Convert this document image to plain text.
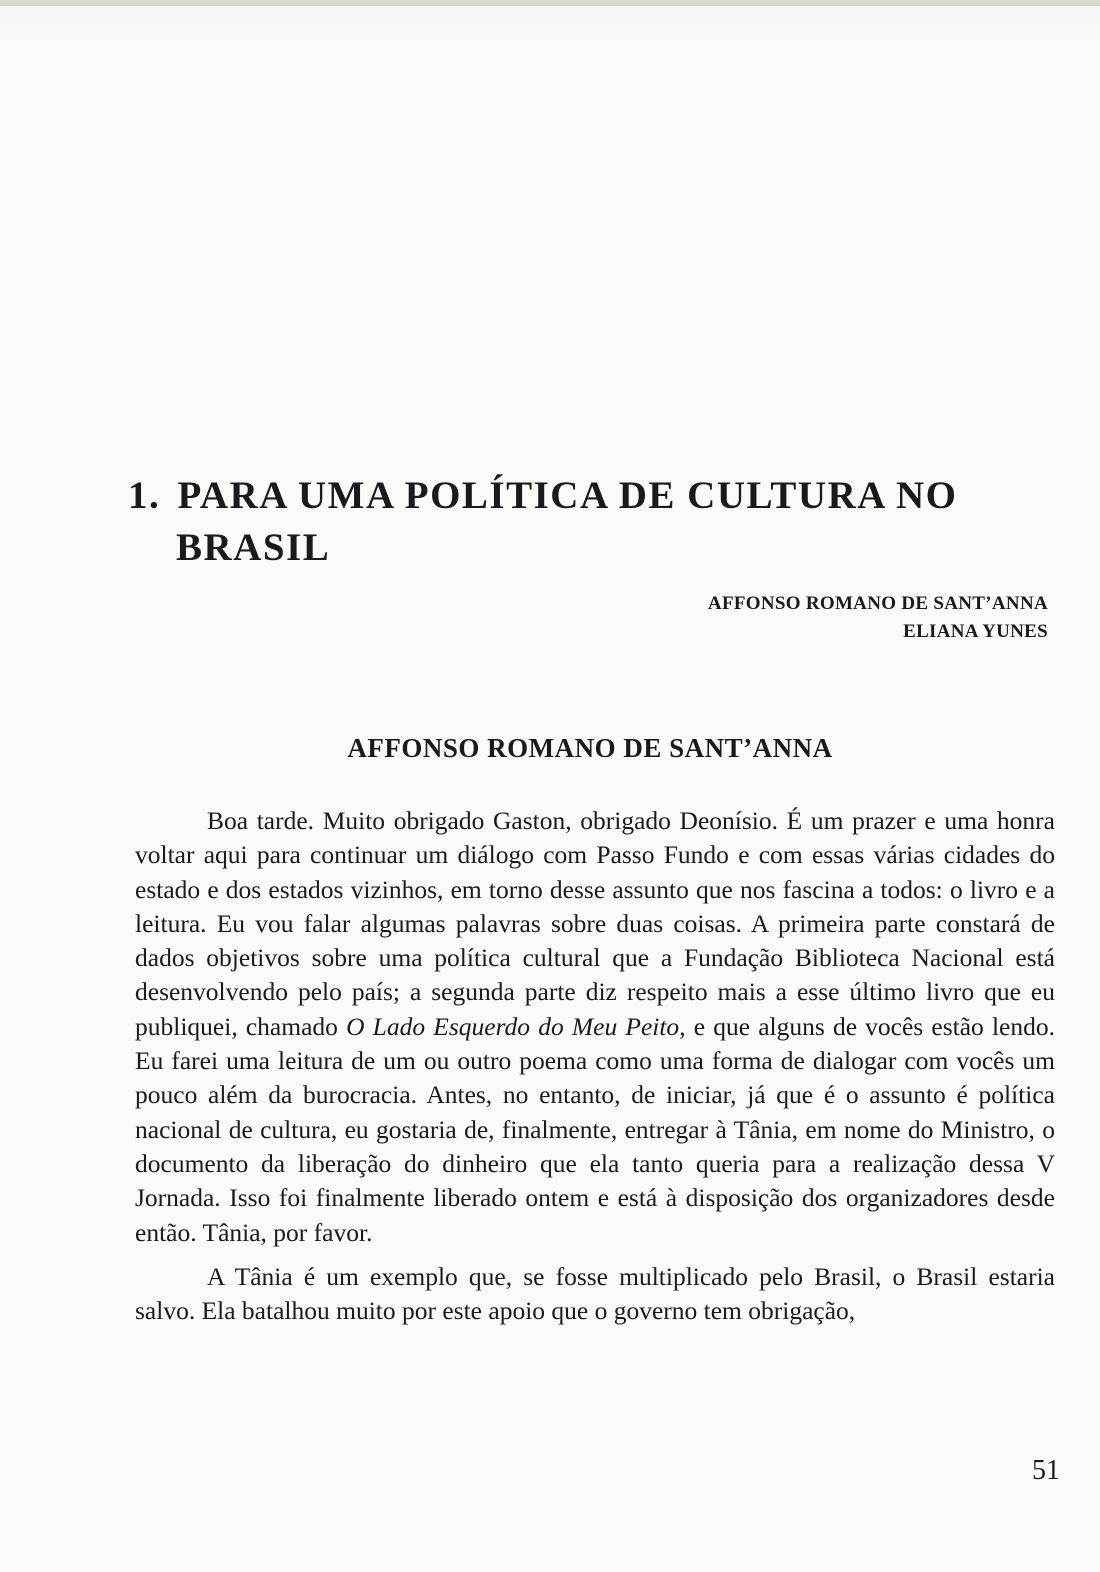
1. PARA UMA POLÍTICA DE CULTURA NO
BRASIL
AFFONSO ROMANO DE SANT’ANNA
ELIANA YUNES
AFFONSO ROMANO DE SANT’ANNA

Boa tarde. Muito obrigado Gaston, obrigado Deonísio. É um prazer e uma honra voltar aqui para continuar um diálogo com Passo Fundo e com essas várias cidades do estado e dos estados vizinhos, em torno desse assunto que nos fascina a todos: o livro e a leitura. Eu vou falar algumas palavras sobre duas coisas. A primeira parte constará de dados objetivos sobre uma política cultural que a Fundação Biblioteca Nacional está desenvolvendo pelo país; a segunda parte diz respeito mais a esse último livro que eu publiquei, chamado O Lado Esquerdo do Meu Peito, e que alguns de vocês estão lendo. Eu farei uma leitura de um ou outro poema como uma forma de dialogar com vocês um pouco além da burocracia. Antes, no entanto, de iniciar, já que é o assunto é política nacional de cultura, eu gostaria de, finalmente, entregar à Tânia, em nome do Ministro, o documento da liberação do dinheiro que ela tanto queria para a realização dessa V Jornada. Isso foi finalmente liberado ontem e está à disposição dos organizadores desde então. Tânia, por favor.

A Tânia é um exemplo que, se fosse multiplicado pelo Brasil, o Brasil estaria salvo. Ela batalhou muito por este apoio que o governo tem obrigação,

51
